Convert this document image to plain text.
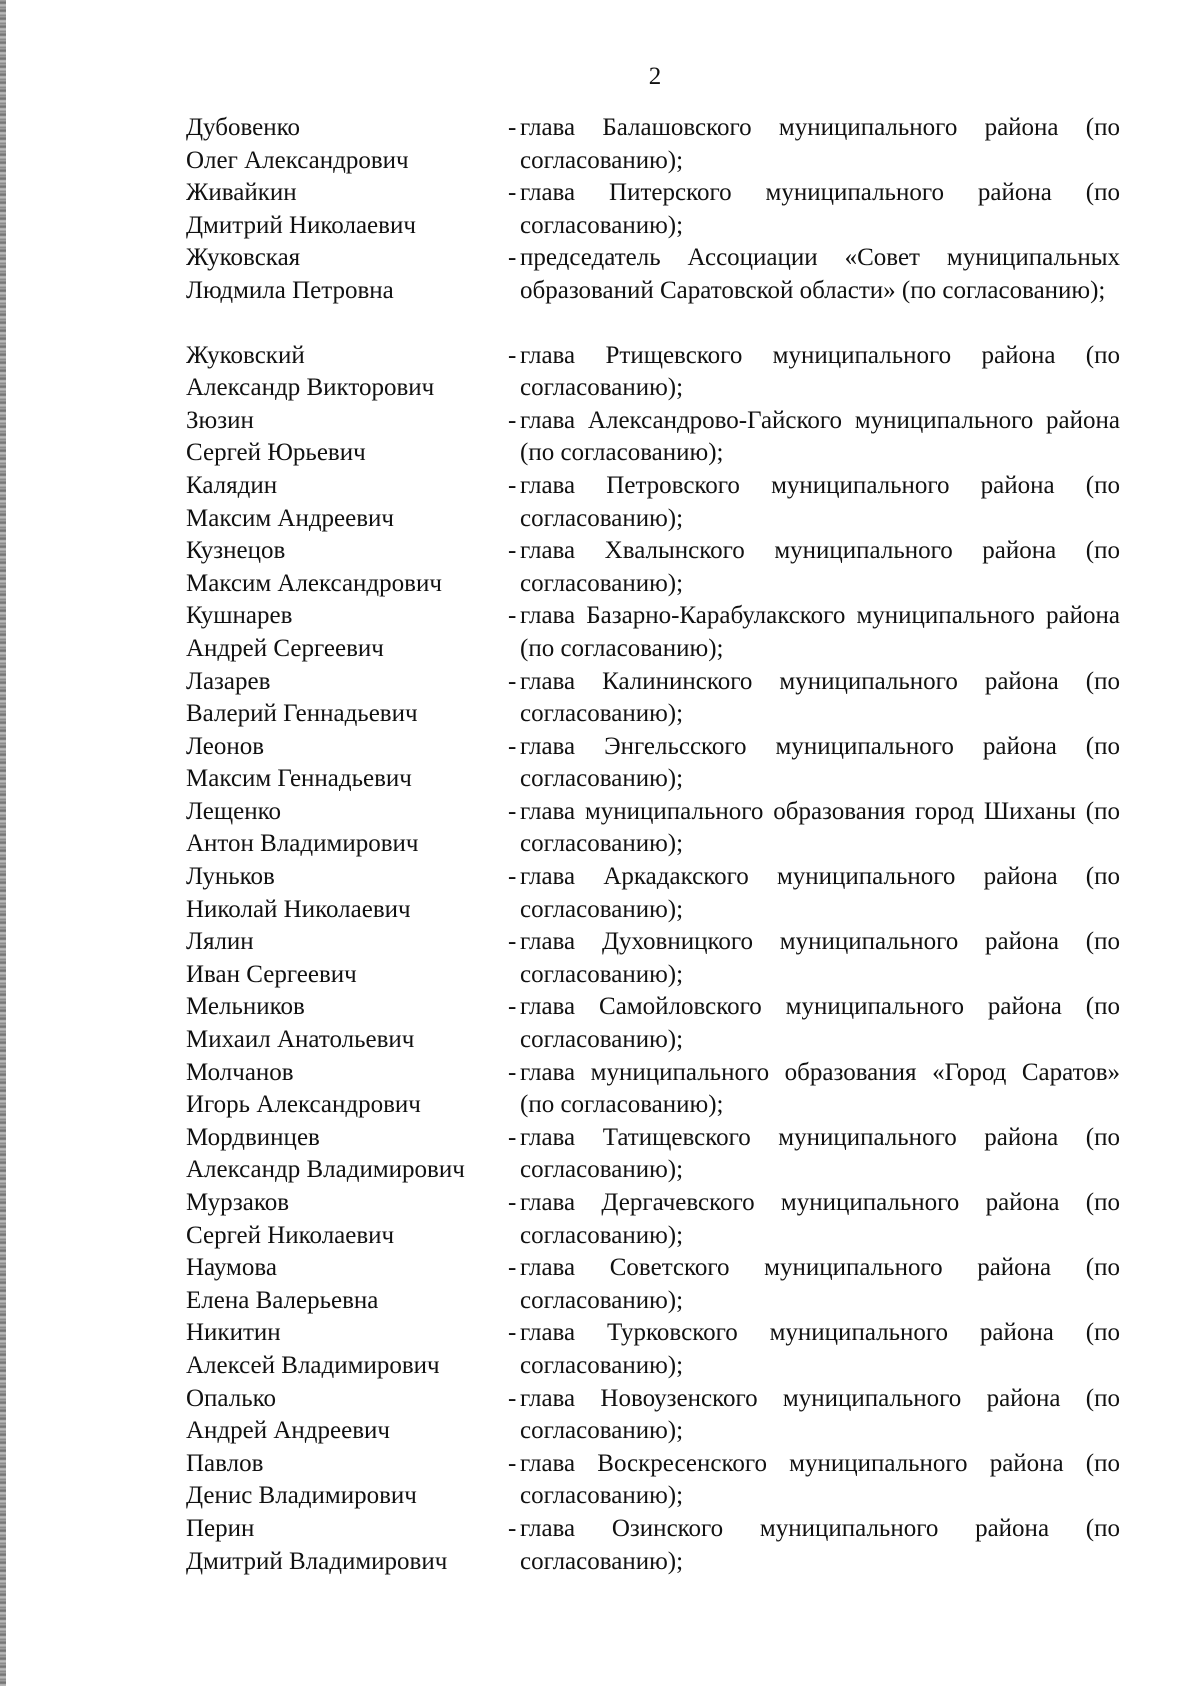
2
Дубовенко
Олег Александрович
- глава Балашовского муниципального района (по согласованию);
Живайкин
Дмитрий Николаевич
- глава Питерского муниципального района (по согласованию);
Жуковская
Людмила Петровна
- председатель Ассоциации «Совет муниципальных образований Саратовской области» (по согласованию);
Жуковский
Александр Викторович
- глава Ртищевского муниципального района (по согласованию);
Зюзин
Сергей Юрьевич
- глава Александрово-Гайского муниципального района (по согласованию);
Калядин
Максим Андреевич
- глава Петровского муниципального района (по согласованию);
Кузнецов
Максим Александрович
- глава Хвалынского муниципального района (по согласованию);
Кушнарев
Андрей Сергеевич
- глава Базарно-Карабулакского муниципального района (по согласованию);
Лазарев
Валерий Геннадьевич
- глава Калининского муниципального района (по согласованию);
Леонов
Максим Геннадьевич
- глава Энгельсского муниципального района (по согласованию);
Лещенко
Антон Владимирович
- глава муниципального образования город Шиханы (по согласованию);
Луньков
Николай Николаевич
- глава Аркадакского муниципального района (по согласованию);
Лялин
Иван Сергеевич
- глава Духовницкого муниципального района (по согласованию);
Мельников
Михаил Анатольевич
- глава Самойловского муниципального района (по согласованию);
Молчанов
Игорь Александрович
- глава муниципального образования «Город Саратов» (по согласованию);
Мордвинцев
Александр Владимирович
- глава Татищевского муниципального района (по согласованию);
Мурзаков
Сергей Николаевич
- глава Дергачевского муниципального района (по согласованию);
Наумова
Елена Валерьевна
- глава Советского муниципального района (по согласованию);
Никитин
Алексей Владимирович
- глава Турковского муниципального района (по согласованию);
Опалько
Андрей Андреевич
- глава Новоузенского муниципального района (по согласованию);
Павлов
Денис Владимирович
- глава Воскресенского муниципального района (по согласованию);
Перин
Дмитрий Владимирович
- глава Озинского муниципального района (по согласованию);
